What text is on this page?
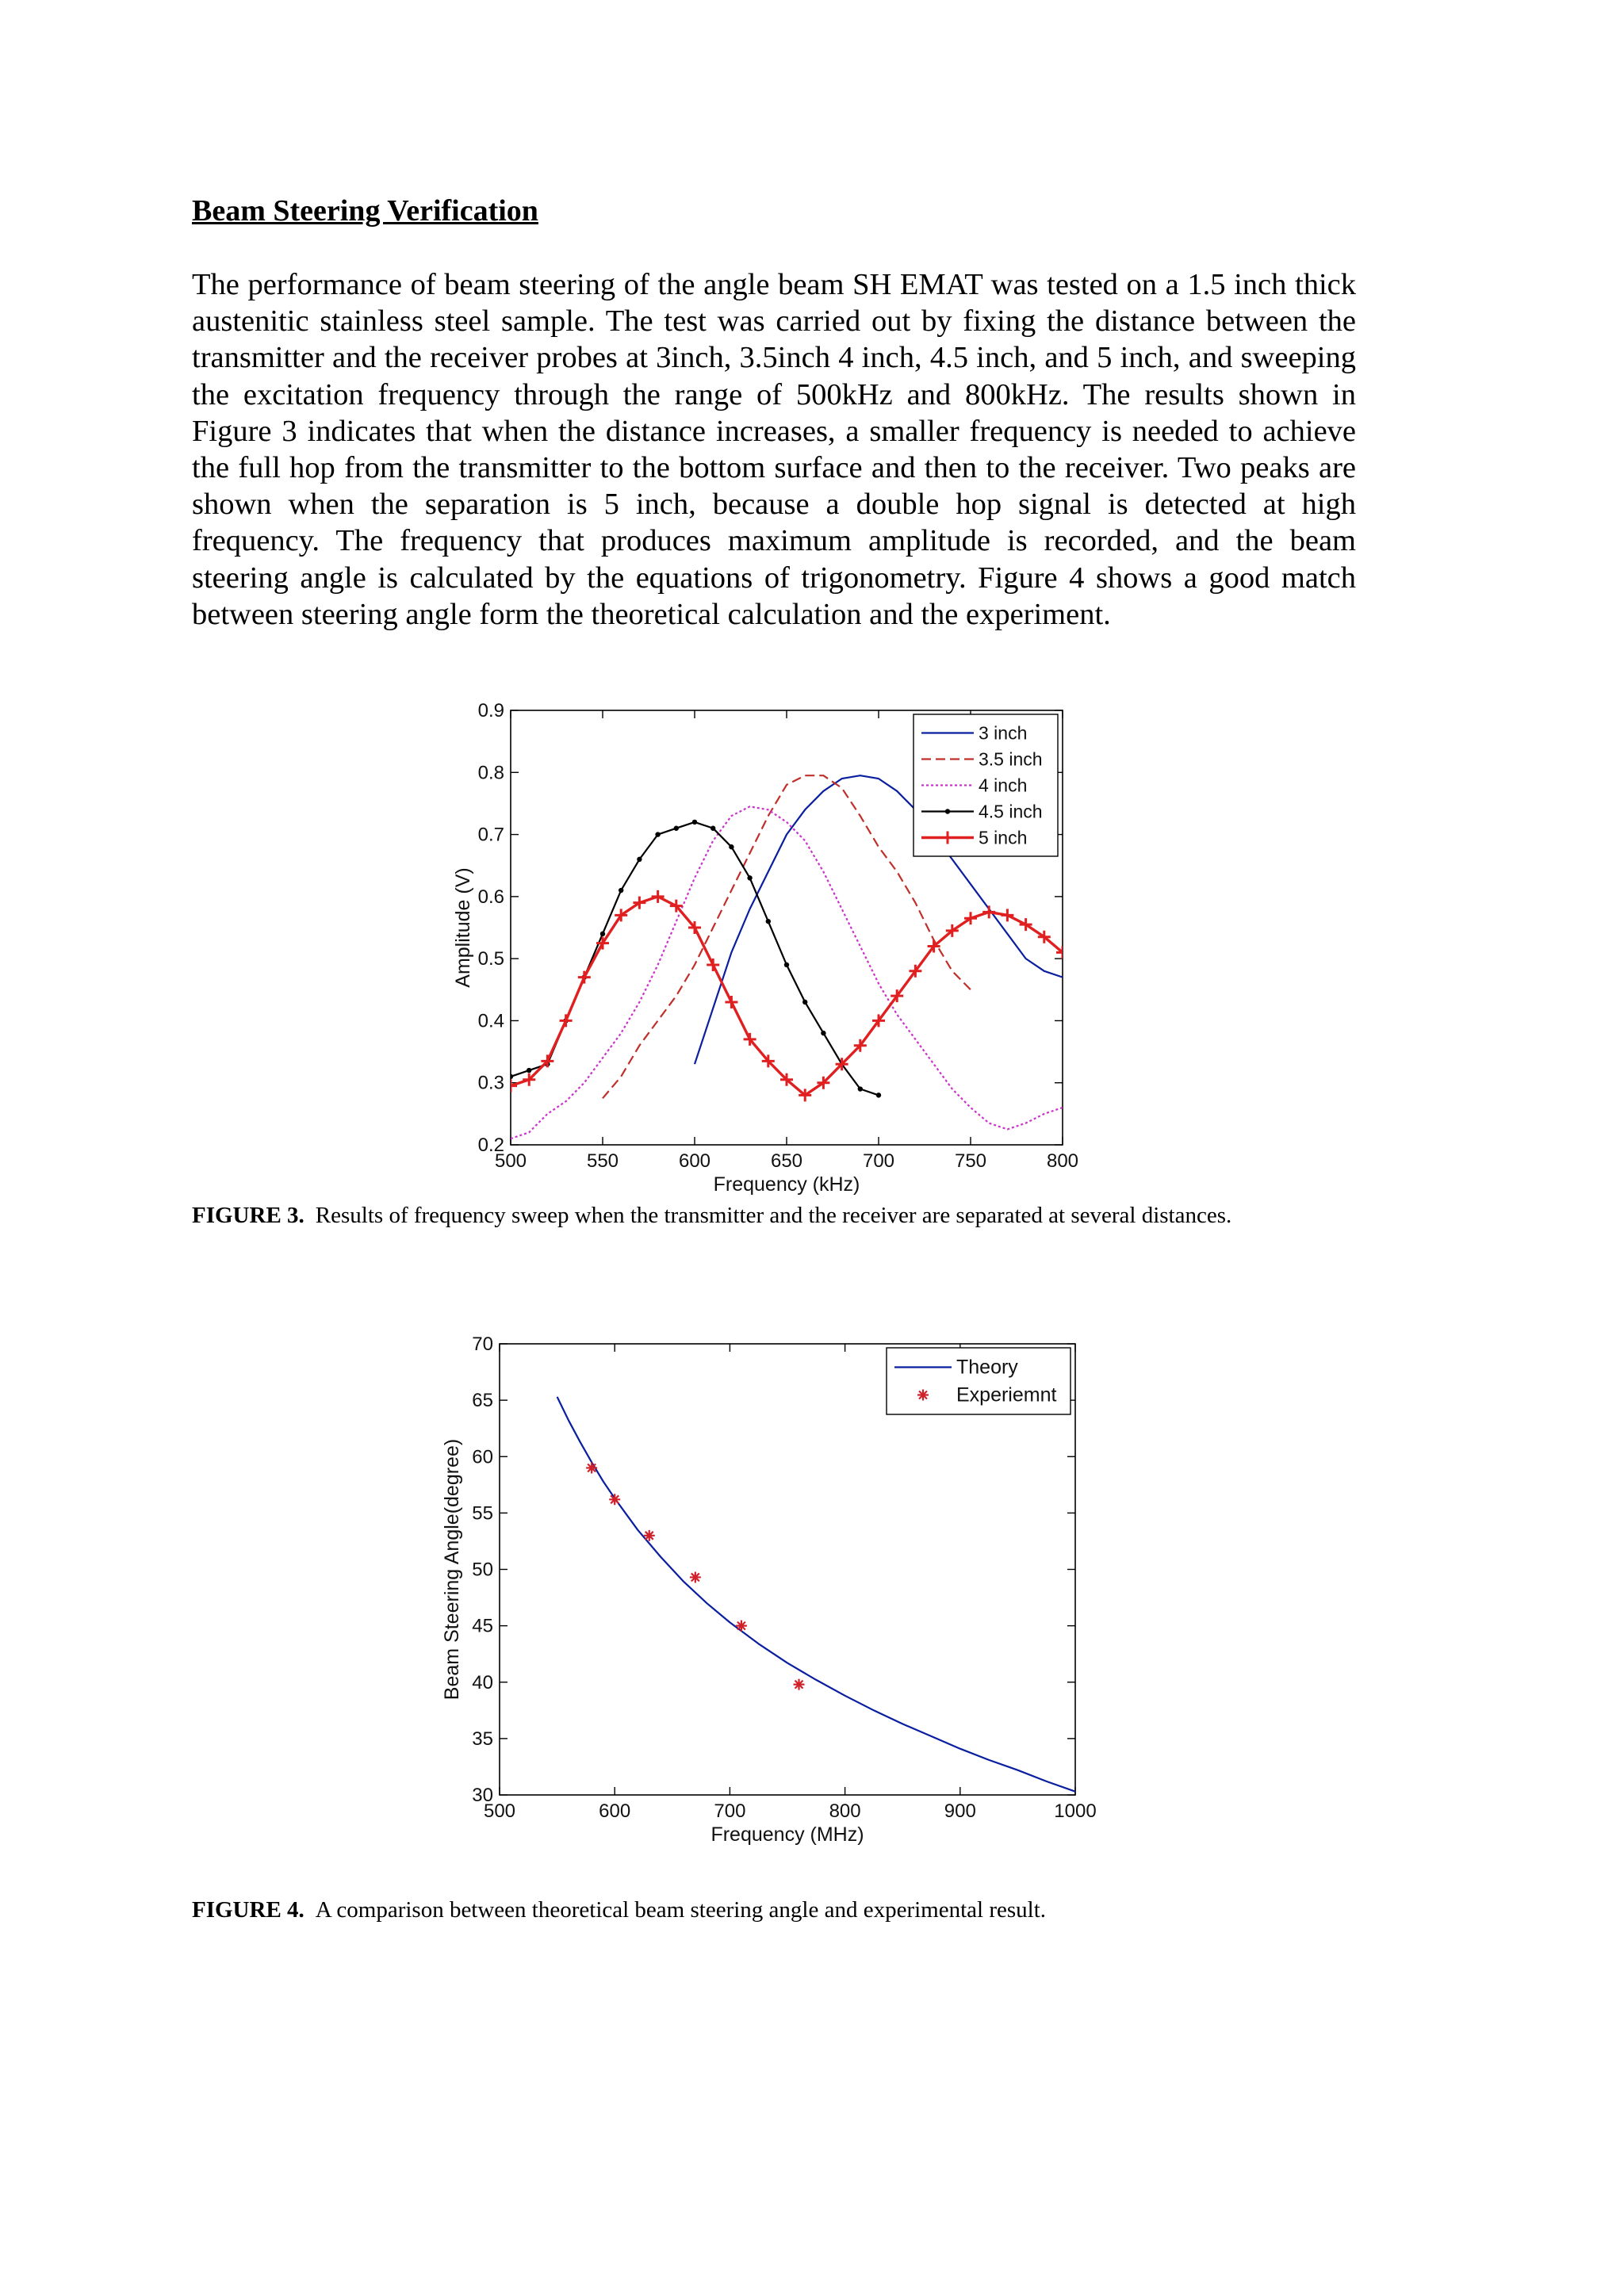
Beam Steering Verification

The performance of beam steering of the angle beam SH EMAT was tested on a 1.5 inch thick austenitic stainless steel sample. The test was carried out by fixing the distance between the transmitter and the receiver probes at 3inch, 3.5inch 4 inch, 4.5 inch, and 5 inch, and sweeping the excitation frequency through the range of 500kHz and 800kHz. The results shown in Figure 3 indicates that when the distance increases, a smaller frequency is needed to achieve the full hop from the transmitter to the bottom surface and then to the receiver. Two peaks are shown when the separation is 5 inch, because a double hop signal is detected at high frequency. The frequency that produces maximum amplitude is recorded, and the beam steering angle is calculated by the equations of trigonometry. Figure 4 shows a good match between steering angle form the theoretical calculation and the experiment.

500	550	600	650	700	750	800
0.2
0.3
0.4
0.5
0.6
0.7
0.8
0.9
Frequency (kHz)
Amplitude (V)
3 inch
3.5 inch
4 inch
4.5 inch
5 inch

FIGURE 3. Results of frequency sweep when the transmitter and the receiver are separated at several distances.

500	600	700	800	900	1000
30
35
40
45
50
55
60
65
70
Frequency (MHz)
Beam Steering Angle(degree)
Theory
Experiemnt

FIGURE 4. A comparison between theoretical beam steering angle and experimental result.
